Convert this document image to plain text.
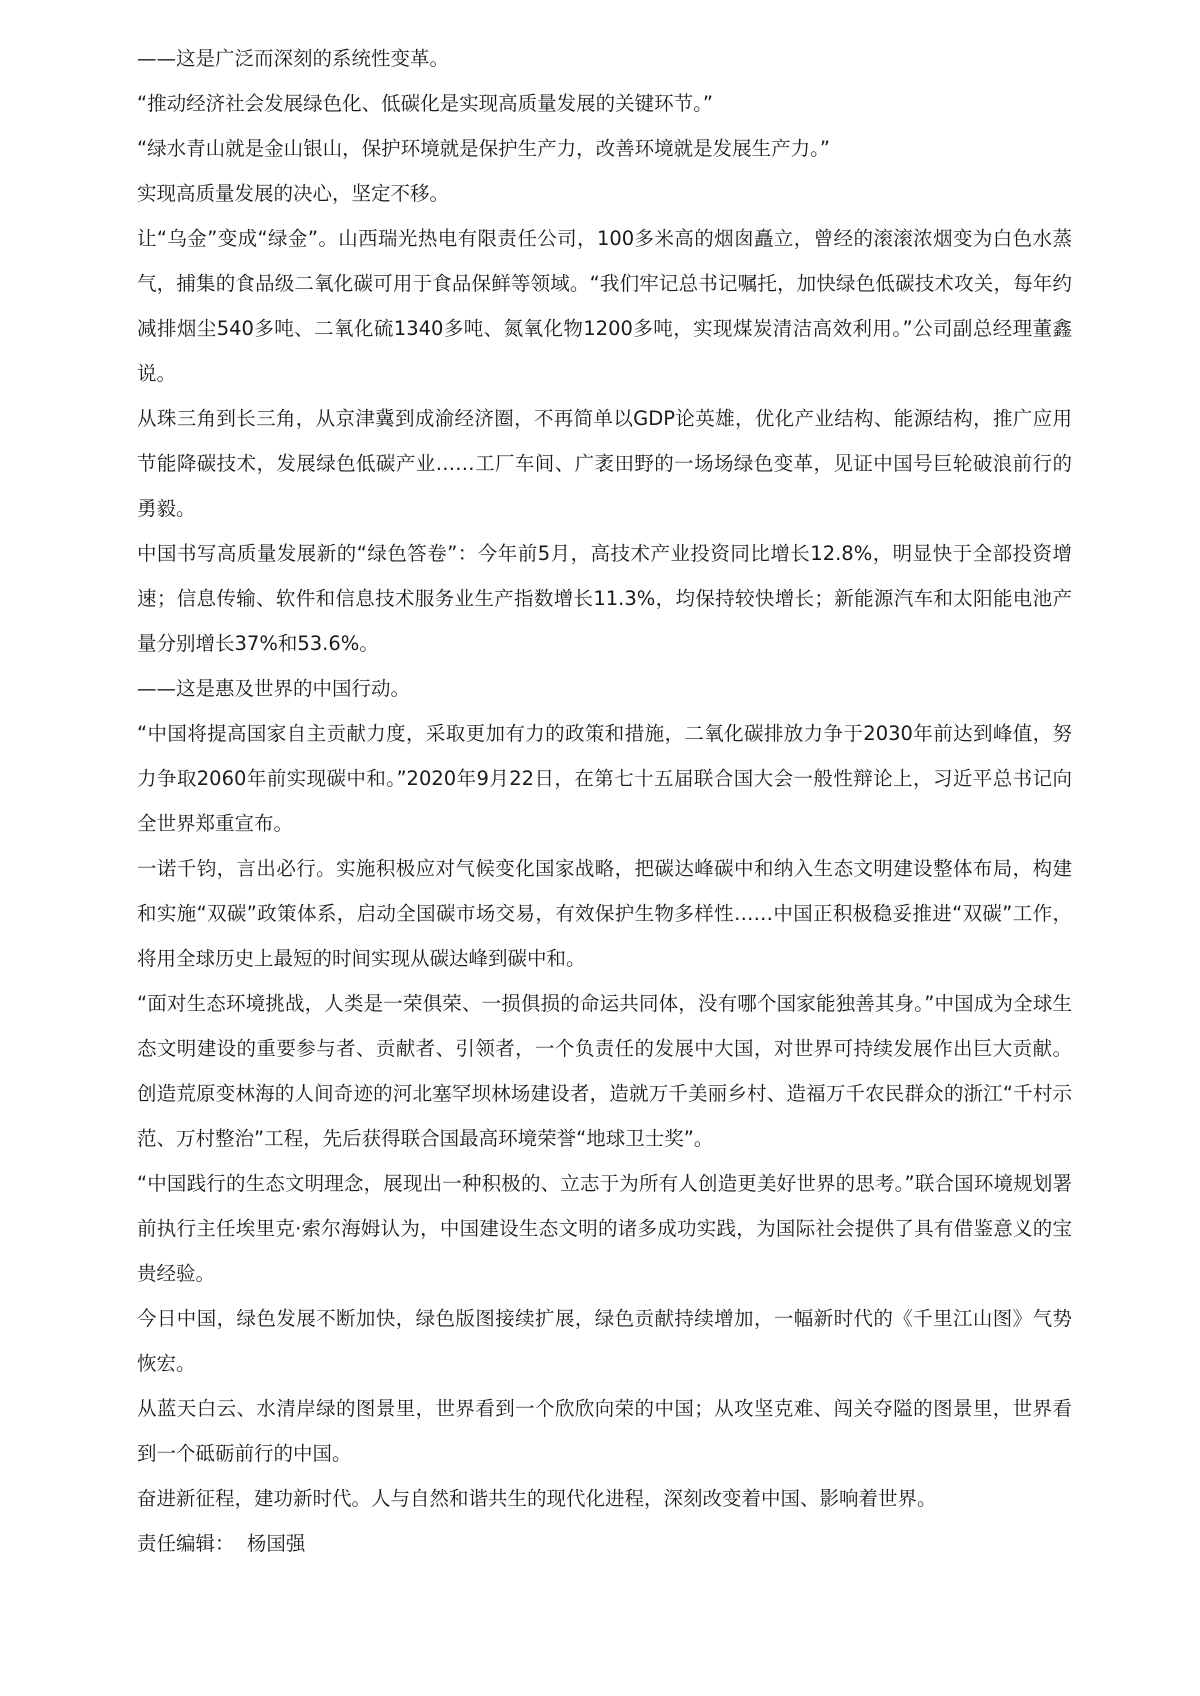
——这是广泛而深刻的系统性变革。

“推动经济社会发展绿色化、低碳化是实现高质量发展的关键环节。”

“绿水青山就是金山银山，保护环境就是保护生产力，改善环境就是发展生产力。”

实现高质量发展的决心，坚定不移。

让“乌金”变成“绿金”。山西瑞光热电有限责任公司，100多米高的烟囱矗立，曾经的滚滚浓烟变为白色水蒸气，捕集的食品级二氧化碳可用于食品保鲜等领域。“我们牢记总书记嘱托，加快绿色低碳技术攻关，每年约减排烟尘540多吨、二氧化硫1340多吨、氮氧化物1200多吨，实现煤炭清洁高效利用。”公司副总经理董鑫说。

从珠三角到长三角，从京津冀到成渝经济圈，不再简单以GDP论英雄，优化产业结构、能源结构，推广应用节能降碳技术，发展绿色低碳产业……工厂车间、广袤田野的一场场绿色变革，见证中国号巨轮破浪前行的勇毅。

中国书写高质量发展新的“绿色答卷”：今年前5月，高技术产业投资同比增长12.8%，明显快于全部投资增速；信息传输、软件和信息技术服务业生产指数增长11.3%，均保持较快增长；新能源汽车和太阳能电池产量分别增长37%和53.6%。

——这是惠及世界的中国行动。

“中国将提高国家自主贡献力度，采取更加有力的政策和措施，二氧化碳排放力争于2030年前达到峰值，努力争取2060年前实现碳中和。”2020年9月22日，在第七十五届联合国大会一般性辩论上，习近平总书记向全世界郑重宣布。

一诺千钧，言出必行。实施积极应对气候变化国家战略，把碳达峰碳中和纳入生态文明建设整体布局，构建和实施“双碳”政策体系，启动全国碳市场交易，有效保护生物多样性……中国正积极稳妥推进“双碳”工作，将用全球历史上最短的时间实现从碳达峰到碳中和。

“面对生态环境挑战，人类是一荣俱荣、一损俱损的命运共同体，没有哪个国家能独善其身。”中国成为全球生态文明建设的重要参与者、贡献者、引领者，一个负责任的发展中大国，对世界可持续发展作出巨大贡献。创造荒原变林海的人间奇迹的河北塞罕坝林场建设者，造就万千美丽乡村、造福万千农民群众的浙江“千村示范、万村整治”工程，先后获得联合国最高环境荣誉“地球卫士奖”。

“中国践行的生态文明理念，展现出一种积极的、立志于为所有人创造更美好世界的思考。”联合国环境规划署前执行主任埃里克·索尔海姆认为，中国建设生态文明的诸多成功实践，为国际社会提供了具有借鉴意义的宝贵经验。

今日中国，绿色发展不断加快，绿色版图接续扩展，绿色贡献持续增加，一幅新时代的《千里江山图》气势恢宏。

从蓝天白云、水清岸绿的图景里，世界看到一个欣欣向荣的中国；从攻坚克难、闯关夺隘的图景里，世界看到一个砥砺前行的中国。

奋进新征程，建功新时代。人与自然和谐共生的现代化进程，深刻改变着中国、影响着世界。

责任编辑： 杨国强
